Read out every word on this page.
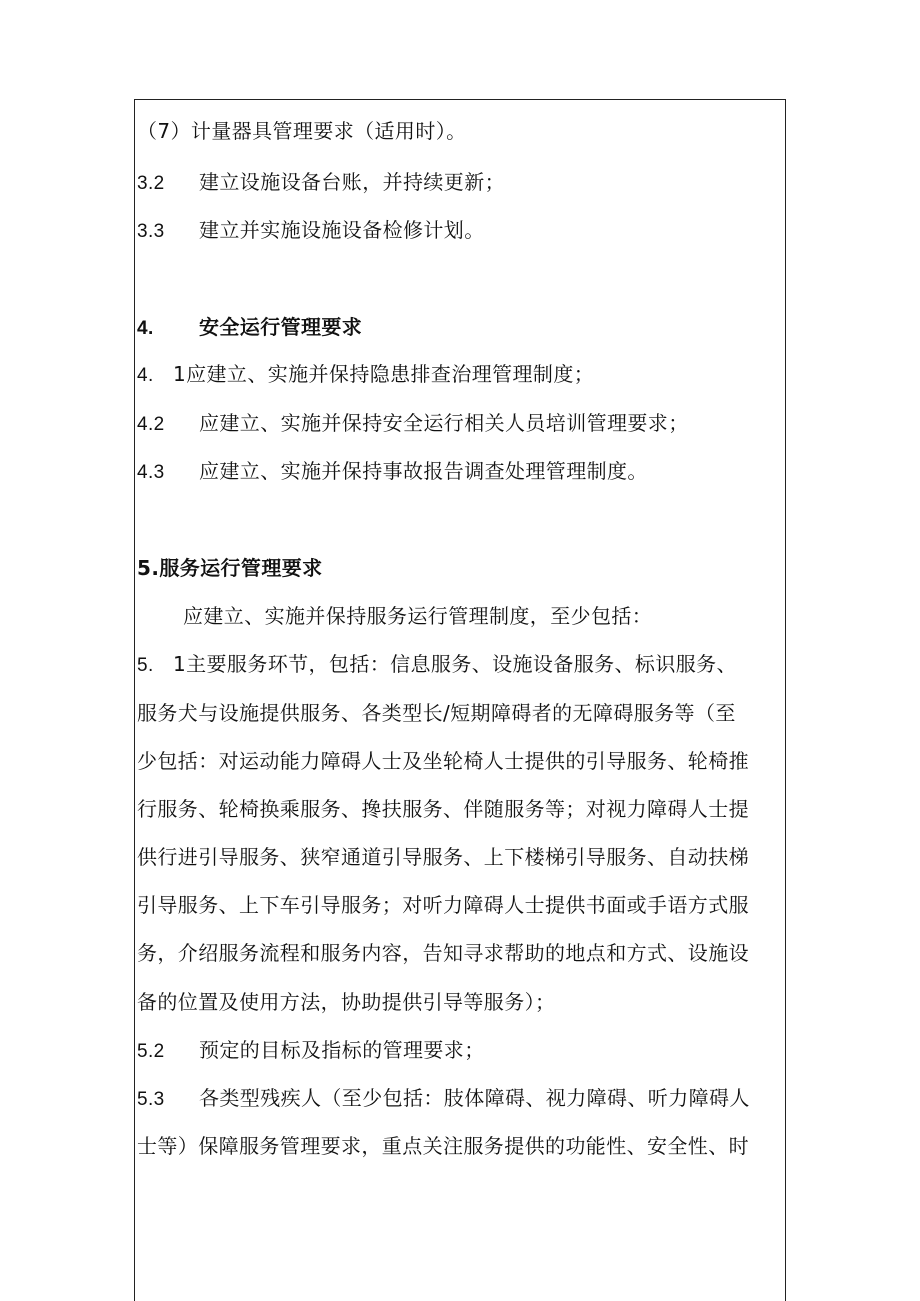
（7）计量器具管理要求（适用时）。
3.2 建立设施设备台账，并持续更新；
3.3 建立并实施设施设备检修计划。
4. 安全运行管理要求
4. 1应建立、实施并保持隐患排查治理管理制度；
4.2 应建立、实施并保持安全运行相关人员培训管理要求；
4.3 应建立、实施并保持事故报告调查处理管理制度。
5.服务运行管理要求
应建立、实施并保持服务运行管理制度，至少包括：
5. 1主要服务环节，包括：信息服务、设施设备服务、标识服务、
服务犬与设施提供服务、各类型长/短期障碍者的无障碍服务等（至
少包括：对运动能力障碍人士及坐轮椅人士提供的引导服务、轮椅推
行服务、轮椅换乘服务、搀扶服务、伴随服务等；对视力障碍人士提
供行进引导服务、狭窄通道引导服务、上下楼梯引导服务、自动扶梯
引导服务、上下车引导服务；对听力障碍人士提供书面或手语方式服
务，介绍服务流程和服务内容，告知寻求帮助的地点和方式、设施设
备的位置及使用方法，协助提供引导等服务）；
5.2 预定的目标及指标的管理要求；
5.3 各类型残疾人（至少包括：肢体障碍、视力障碍、听力障碍人
士等）保障服务管理要求，重点关注服务提供的功能性、安全性、时
